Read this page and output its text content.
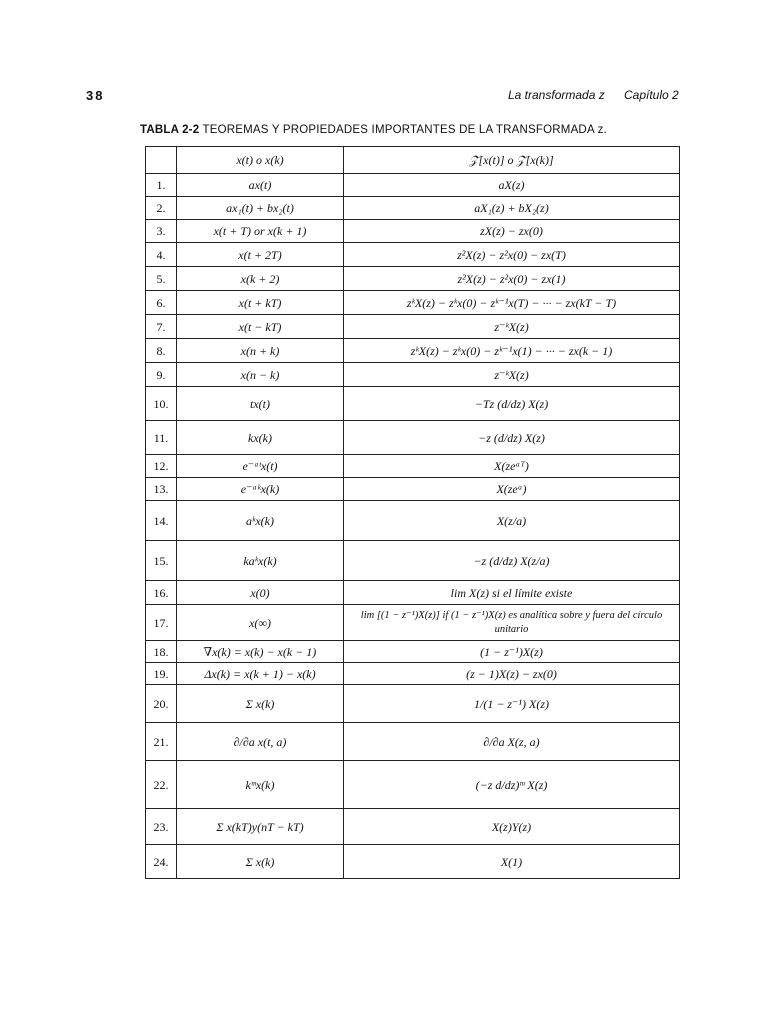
38	La transformada z Capítulo 2
TABLA 2-2 TEOREMAS Y PROPIEDADES IMPORTANTES DE LA TRANSFORMADA z.
	x(t) o x(k)	𝒵[x(t)] o 𝒵[x(k)]
1.	ax(t)	aX(z)
2.	ax₁(t) + bx₂(t)	aX₁(z) + bX₂(z)
3.	x(t + T) or x(k + 1)	zX(z) − zx(0)
4.	x(t + 2T)	z²X(z) − z²x(0) − zx(T)
5.	x(k + 2)	z²X(z) − z²x(0) − zx(1)
6.	x(t + kT)	zᵏX(z) − zᵏx(0) − zᵏ⁻¹x(T) − ··· − zx(kT − T)
7.	x(t − kT)	z⁻ᵏX(z)
8.	x(n + k)	zᵏX(z) − zᵏx(0) − zᵏ⁻¹x(1) − ··· − zx(k − 1)
9.	x(n − k)	z⁻ᵏX(z)
10.	tx(t)	−Tz (d/dz) X(z)
11.	kx(k)	−z (d/dz) X(z)
12.	e⁻ᵃᵗx(t)	X(zeᵃᵀ)
13.	e⁻ᵃᵏx(k)	X(zeᵃ)
14.	aᵏx(k)	X(z/a)
15.	kaᵏx(k)	−z (d/dz) X(z/a)
16.	x(0)	lim X(z) si el límite existe
17.	x(∞)	lim [(1 − z⁻¹)X(z)] if (1 − z⁻¹)X(z) es analítica sobre y fuera del círculo unitario
18.	∇x(k) = x(k) − x(k − 1)	(1 − z⁻¹)X(z)
19.	Δx(k) = x(k + 1) − x(k)	(z − 1)X(z) − zx(0)
20.	Σ x(k)	1/(1 − z⁻¹) X(z)
21.	∂/∂a x(t, a)	∂/∂a X(z, a)
22.	kᵐx(k)	(−z d/dz)ᵐ X(z)
23.	Σ x(kT)y(nT − kT)	X(z)Y(z)
24.	Σ x(k)	X(1)
